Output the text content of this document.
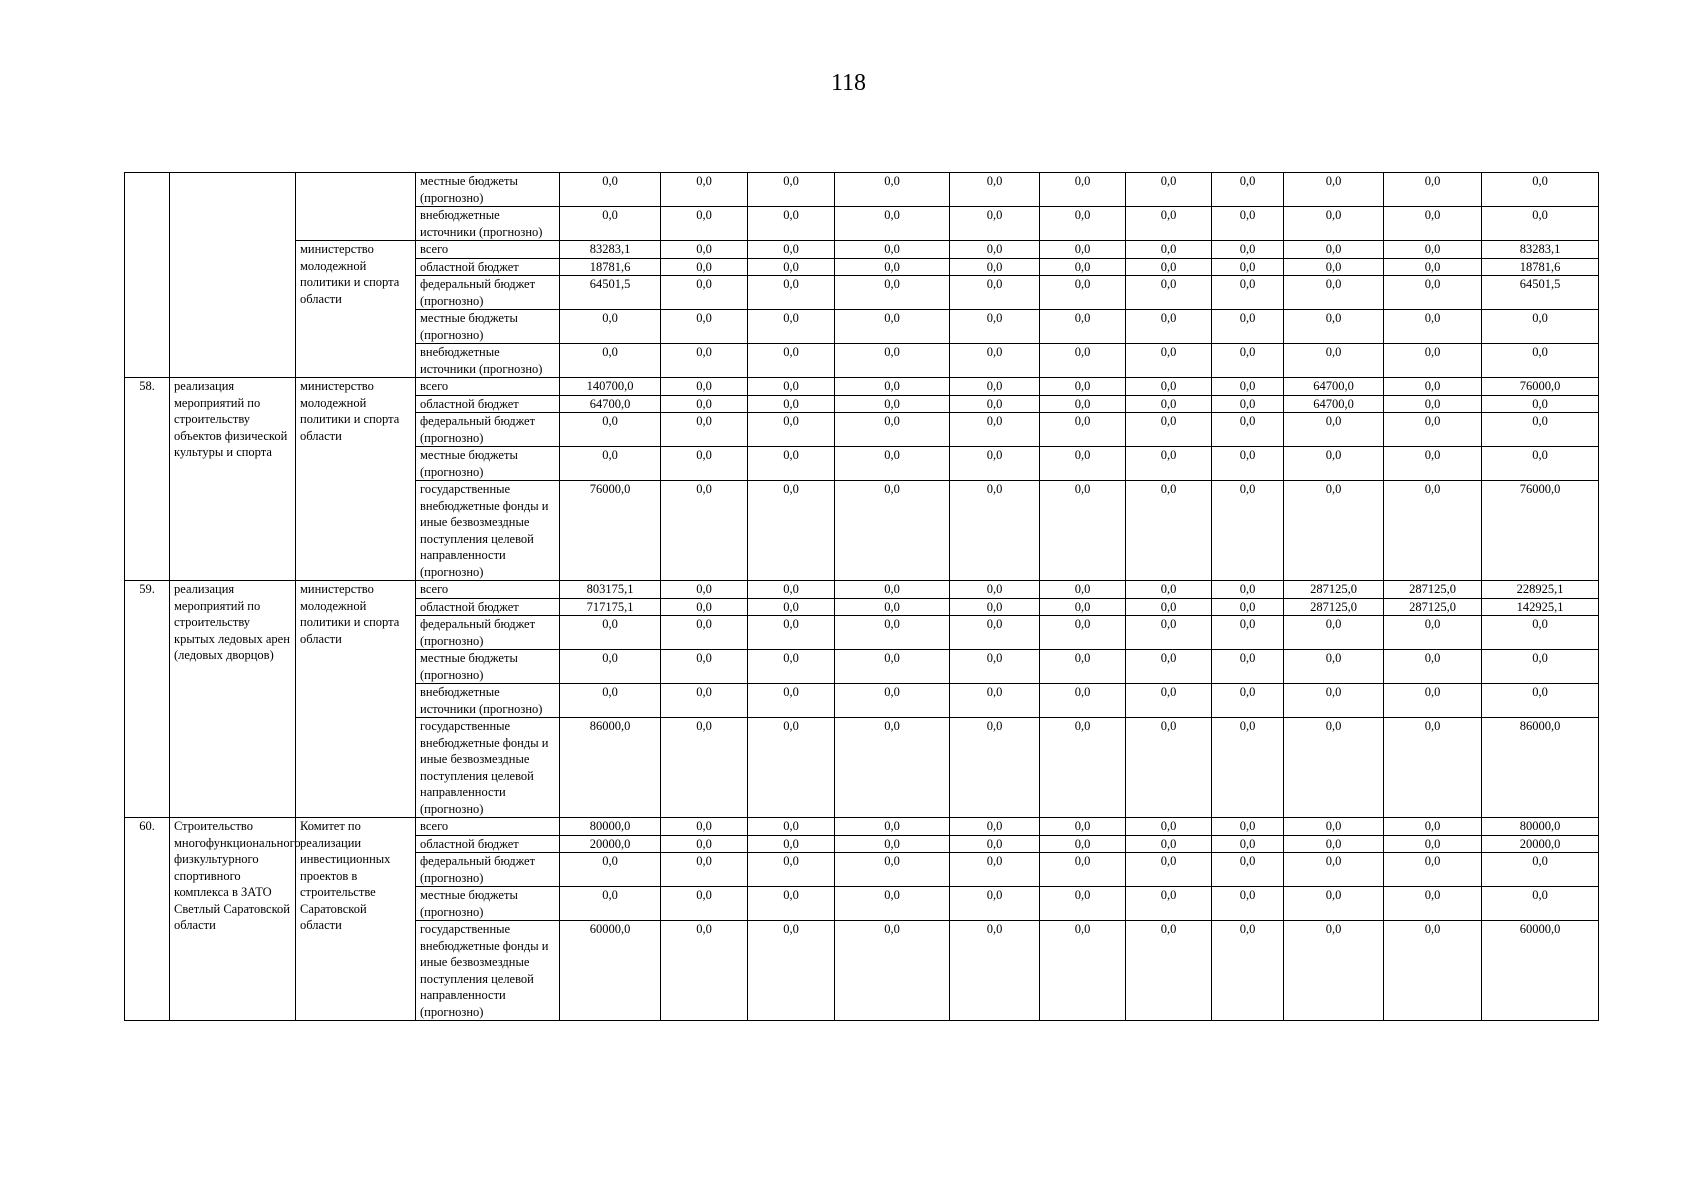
118
			местные бюджеты (прогнозно)	0,0	0,0	0,0	0,0	0,0	0,0	0,0	0,0	0,0	0,0	0,0
			внебюджетные источники (прогнозно)	0,0	0,0	0,0	0,0	0,0	0,0	0,0	0,0	0,0	0,0	0,0
		министерство молодежной политики и спорта области	всего	83283,1	0,0	0,0	0,0	0,0	0,0	0,0	0,0	0,0	0,0	83283,1
			областной бюджет	18781,6	0,0	0,0	0,0	0,0	0,0	0,0	0,0	0,0	0,0	18781,6
			федеральный бюджет (прогнозно)	64501,5	0,0	0,0	0,0	0,0	0,0	0,0	0,0	0,0	0,0	64501,5
			местные бюджеты (прогнозно)	0,0	0,0	0,0	0,0	0,0	0,0	0,0	0,0	0,0	0,0	0,0
			внебюджетные источники (прогнозно)	0,0	0,0	0,0	0,0	0,0	0,0	0,0	0,0	0,0	0,0	0,0
58.	реализация мероприятий по строительству объектов физической культуры и спорта	министерство молодежной политики и спорта области	всего	140700,0	0,0	0,0	0,0	0,0	0,0	0,0	0,0	64700,0	0,0	76000,0
			областной бюджет	64700,0	0,0	0,0	0,0	0,0	0,0	0,0	0,0	64700,0	0,0	0,0
			федеральный бюджет (прогнозно)	0,0	0,0	0,0	0,0	0,0	0,0	0,0	0,0	0,0	0,0	0,0
			местные бюджеты (прогнозно)	0,0	0,0	0,0	0,0	0,0	0,0	0,0	0,0	0,0	0,0	0,0
			государственные внебюджетные фонды и иные безвозмездные поступления целевой направленности (прогнозно)	76000,0	0,0	0,0	0,0	0,0	0,0	0,0	0,0	0,0	0,0	76000,0
59.	реализация мероприятий по строительству крытых ледовых арен (ледовых дворцов)	министерство молодежной политики и спорта области	всего	803175,1	0,0	0,0	0,0	0,0	0,0	0,0	0,0	287125,0	287125,0	228925,1
			областной бюджет	717175,1	0,0	0,0	0,0	0,0	0,0	0,0	0,0	287125,0	287125,0	142925,1
			федеральный бюджет (прогнозно)	0,0	0,0	0,0	0,0	0,0	0,0	0,0	0,0	0,0	0,0	0,0
			местные бюджеты (прогнозно)	0,0	0,0	0,0	0,0	0,0	0,0	0,0	0,0	0,0	0,0	0,0
			внебюджетные источники (прогнозно)	0,0	0,0	0,0	0,0	0,0	0,0	0,0	0,0	0,0	0,0	0,0
			государственные внебюджетные фонды и иные безвозмездные поступления целевой направленности (прогнозно)	86000,0	0,0	0,0	0,0	0,0	0,0	0,0	0,0	0,0	0,0	86000,0
60.	Строительство многофункционального физкультурного спортивного комплекса в ЗАТО Светлый Саратовской области	Комитет по реализации инвестиционных проектов в строительстве Саратовской области	всего	80000,0	0,0	0,0	0,0	0,0	0,0	0,0	0,0	0,0	0,0	80000,0
			областной бюджет	20000,0	0,0	0,0	0,0	0,0	0,0	0,0	0,0	0,0	0,0	20000,0
			федеральный бюджет (прогнозно)	0,0	0,0	0,0	0,0	0,0	0,0	0,0	0,0	0,0	0,0	0,0
			местные бюджеты (прогнозно)	0,0	0,0	0,0	0,0	0,0	0,0	0,0	0,0	0,0	0,0	0,0
			государственные внебюджетные фонды и иные безвозмездные поступления целевой направленности (прогнозно)	60000,0	0,0	0,0	0,0	0,0	0,0	0,0	0,0	0,0	0,0	60000,0
